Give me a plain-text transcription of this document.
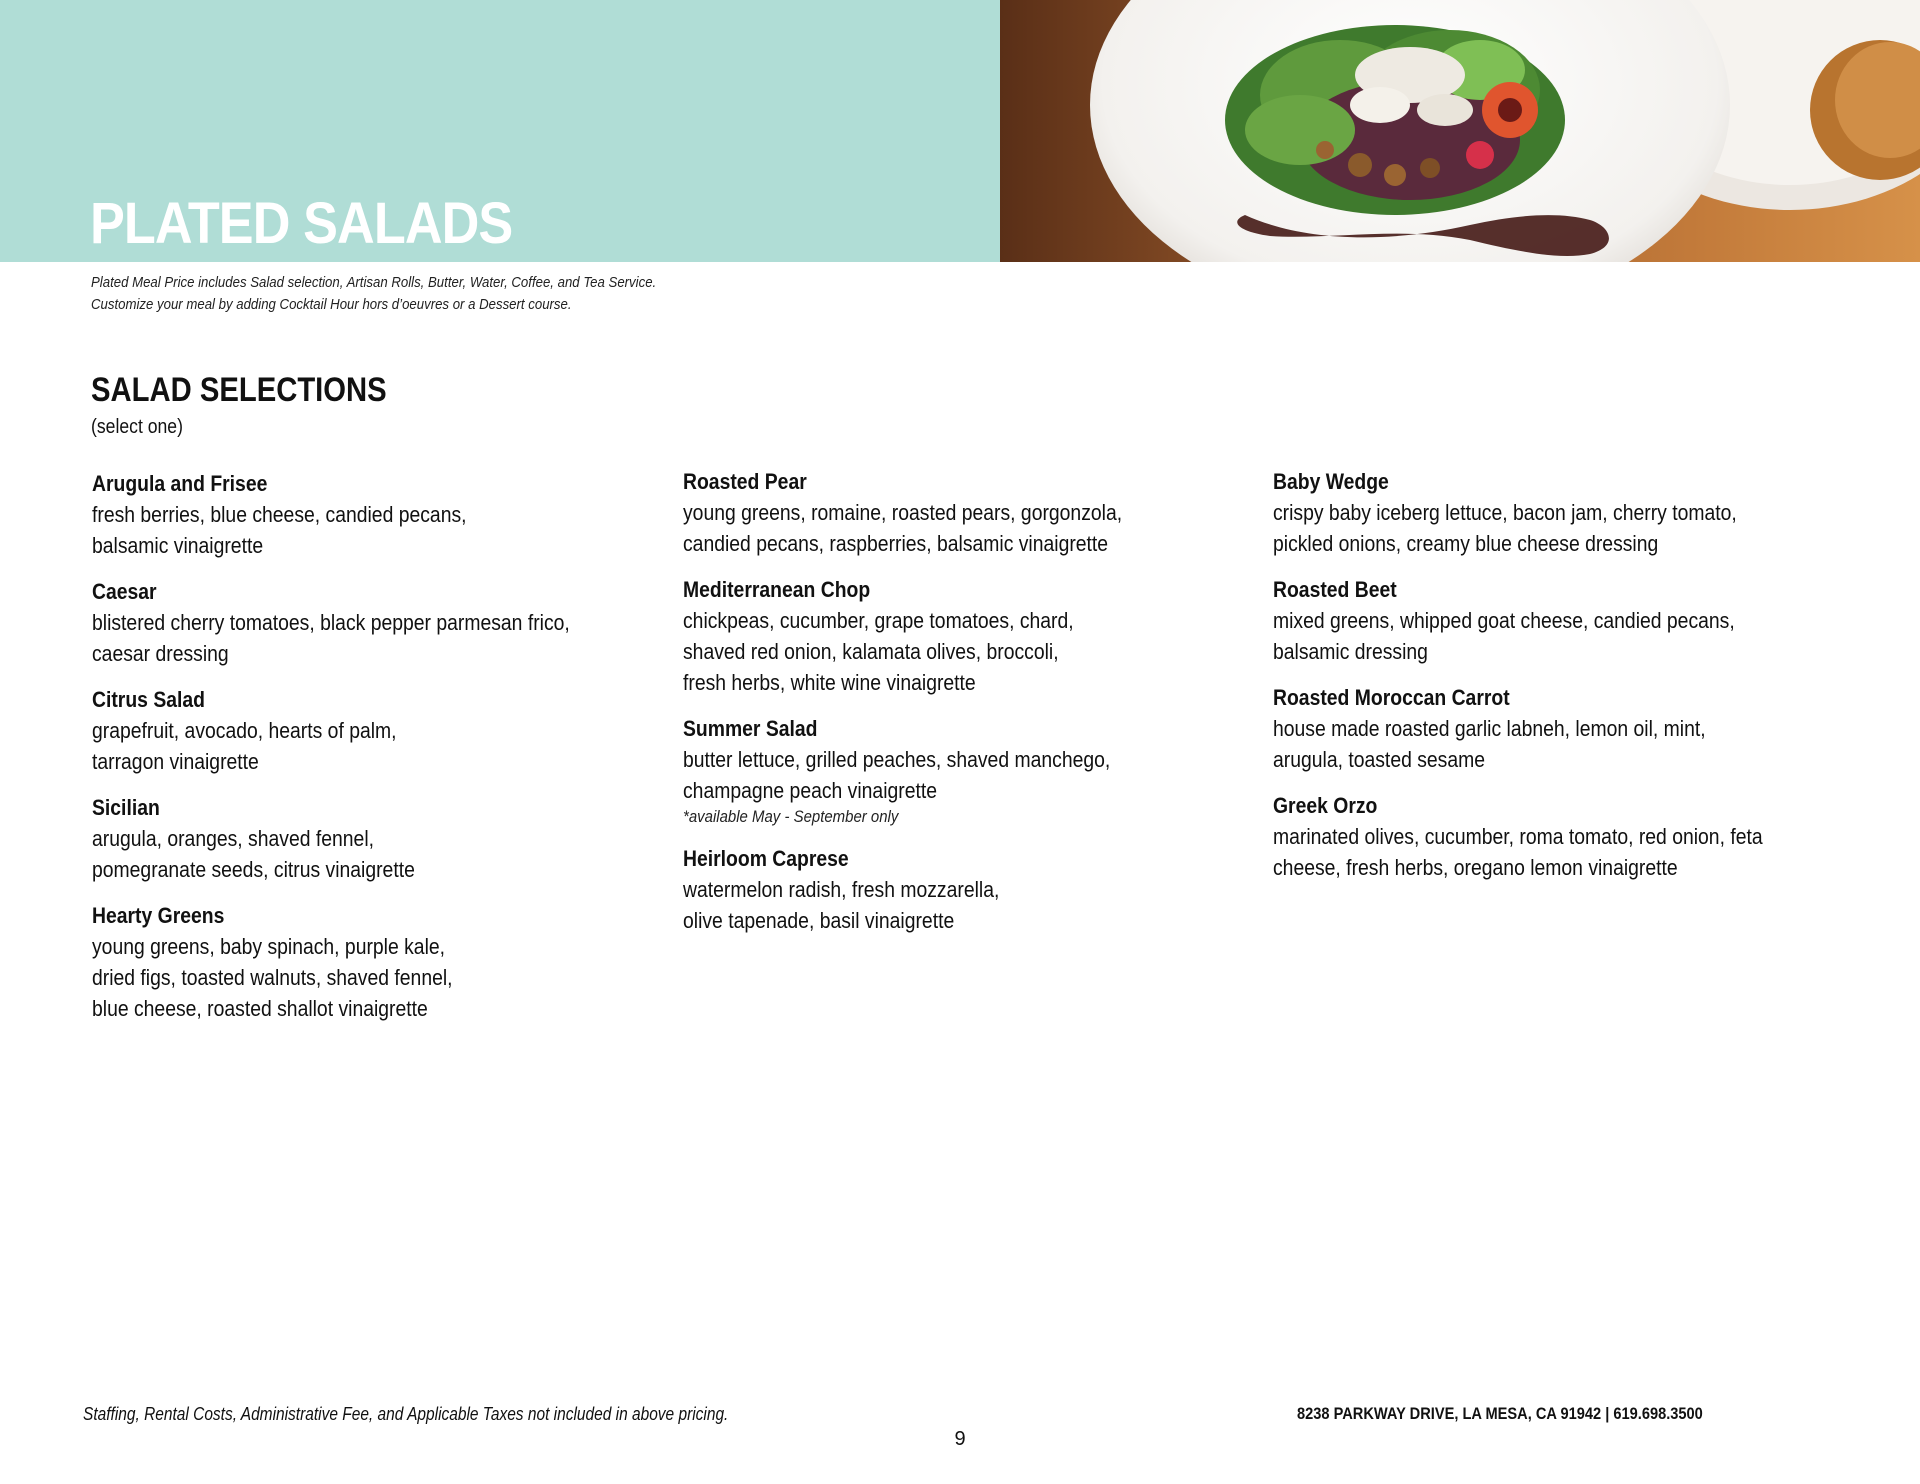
PLATED SALADS
Plated Meal Price includes Salad selection, Artisan Rolls, Butter, Water, Coffee, and Tea Service.
Customize your meal by adding Cocktail Hour hors d’oeuvres or a Dessert course.
SALAD SELECTIONS
(select one)
Arugula and Frisee
fresh berries, blue cheese, candied pecans,
balsamic vinaigrette
Caesar
blistered cherry tomatoes, black pepper parmesan frico,
caesar dressing
Citrus Salad
grapefruit, avocado, hearts of palm,
tarragon vinaigrette
Sicilian
arugula, oranges, shaved fennel,
pomegranate seeds, citrus vinaigrette
Hearty Greens
young greens, baby spinach, purple kale,
dried figs, toasted walnuts, shaved fennel,
blue cheese, roasted shallot vinaigrette
Roasted Pear
young greens, romaine, roasted pears, gorgonzola,
candied pecans, raspberries, balsamic vinaigrette
Mediterranean Chop
chickpeas, cucumber, grape tomatoes, chard,
shaved red onion, kalamata olives, broccoli,
fresh herbs, white wine vinaigrette
Summer Salad
butter lettuce, grilled peaches, shaved manchego,
champagne peach vinaigrette
*available May - September only
Heirloom Caprese
watermelon radish, fresh mozzarella,
olive tapenade, basil vinaigrette
Baby Wedge
crispy baby iceberg lettuce, bacon jam, cherry tomato,
pickled onions, creamy blue cheese dressing
Roasted Beet
mixed greens, whipped goat cheese, candied pecans,
balsamic dressing
Roasted Moroccan Carrot
house made roasted garlic labneh, lemon oil, mint,
arugula, toasted sesame
Greek Orzo
marinated olives, cucumber, roma tomato, red onion, feta
cheese, fresh herbs, oregano lemon vinaigrette
Staffing, Rental Costs, Administrative Fee, and Applicable Taxes not included in above pricing.	8238 PARKWAY DRIVE, LA MESA, CA 91942 | 619.698.3500
9
